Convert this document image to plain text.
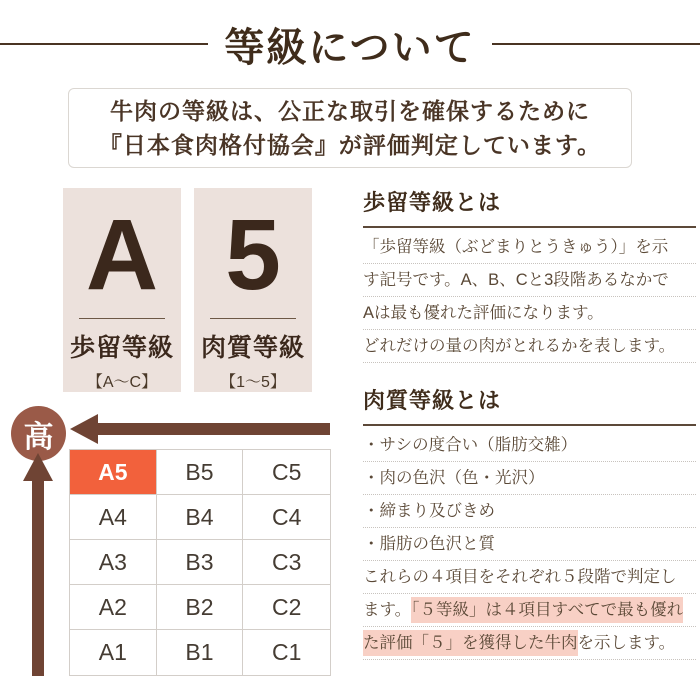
等級について
牛肉の等級は、公正な取引を確保するために
『日本食肉格付協会』が評価判定しています。
A
歩留等級
【A～C】
5
肉質等級
【1～5】
歩留等級とは
「歩留等級（ぶどまりとうきゅう）」を示
す記号です。A、B、Cと3段階あるなかで
Aは最も優れた評価になります。
どれだけの量の肉がとれるかを表します。
肉質等級とは
・サシの度合い（脂肪交雑）
・肉の色沢（色・光沢）
・締まり及びきめ
・脂肪の色沢と質
これらの４項目をそれぞれ５段階で判定し
ます。「５等級」は４項目すべてで最も優れ
た評価「５」を獲得した牛肉を示します。
高
A5	B5	C5
A4	B4	C4
A3	B3	C3
A2	B2	C2
A1	B1	C1
